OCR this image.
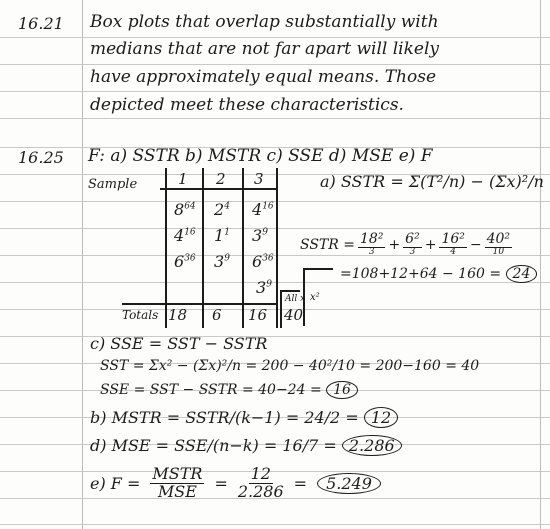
16.21 Box plots that overlap substantially with
medians that are not far apart will likely
have approximately equal means. Those
depicted meet these characteristics.
16.25 F: a) SSTR b) MSTR c) SSE d) MSE e) F
Sample	1 2 3
$8^{64}$ $2^4$ $4^{16}$
$4^{16}$ $1^1$ $3^9$
$6^{36}$ $3^9$ $6^{36}$
$3^9$
Totals 18 6 16
All x x²
40
a) SSTR = Σ(T²/n) − (Σx)²/n
SSTR = $\frac{\text{18²}}{3} + \frac{\text{6²}}{3} + \frac{\text{16²}}{4} - \frac{\text{40²}}{10}$
=108+12+64 − 160 = 24
c) SSE = SST − SSTR
SST = Σx² − (Σx)²/n = 200 − 40²/10 = 200−160 = 40
SSE = SST − SSTR = 40−24 = 16
b) MSTR = SSTR/(k−1) = 24/2 = 12
d) MSE = SSE/(n−k) = 16/7 = 2.286
e) $F = \frac{\text{MSTR}}{\text{MSE}} = \frac{12}{2.286}$ =	5.249
